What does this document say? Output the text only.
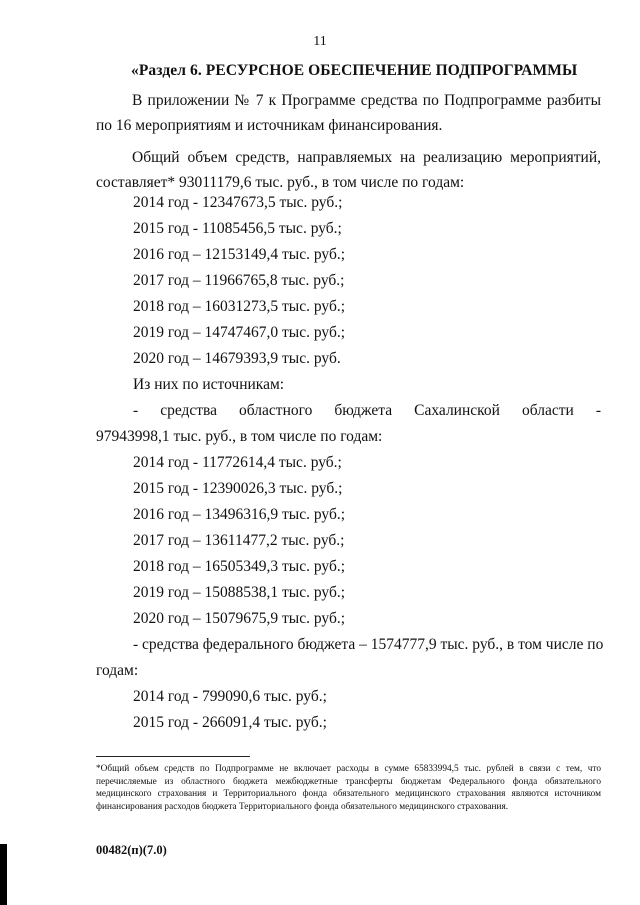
11
«Раздел 6. РЕСУРСНОЕ ОБЕСПЕЧЕНИЕ ПОДПРОГРАММЫ
В приложении № 7 к Программе средства по Подпрограмме разбиты по 16 мероприятиям и источникам финансирования.
Общий объем средств, направляемых на реализацию мероприятий, составляет* 93011179,6 тыс. руб., в том числе по годам:
2014 год - 12347673,5 тыс. руб.;
2015 год - 11085456,5 тыс. руб.;
2016 год – 12153149,4 тыс. руб.;
2017 год – 11966765,8 тыс. руб.;
2018 год – 16031273,5 тыс. руб.;
2019 год – 14747467,0 тыс. руб.;
2020 год – 14679393,9 тыс. руб.
Из них по источникам:
- средства областного бюджета Сахалинской области -
97943998,1 тыс. руб., в том числе по годам:
2014 год - 11772614,4 тыс. руб.;
2015 год - 12390026,3 тыс. руб.;
2016 год – 13496316,9 тыс. руб.;
2017 год – 13611477,2 тыс. руб.;
2018 год – 16505349,3 тыс. руб.;
2019 год – 15088538,1 тыс. руб.;
2020 год – 15079675,9 тыс. руб.;
- средства федерального бюджета – 1574777,9 тыс. руб., в том числе по
годам:
2014 год - 799090,6 тыс. руб.;
2015 год - 266091,4 тыс. руб.;
*Общий объем средств по Подпрограмме не включает расходы в сумме 65833994,5 тыс. рублей в связи с тем, что перечисляемые из областного бюджета межбюджетные трансферты бюджетам Федерального фонда обязательного медицинского страхования и Территориального фонда обязательного медицинского страхования являются источником финансирования расходов бюджета Территориального фонда обязательного медицинского страхования.
00482(п)(7.0)
